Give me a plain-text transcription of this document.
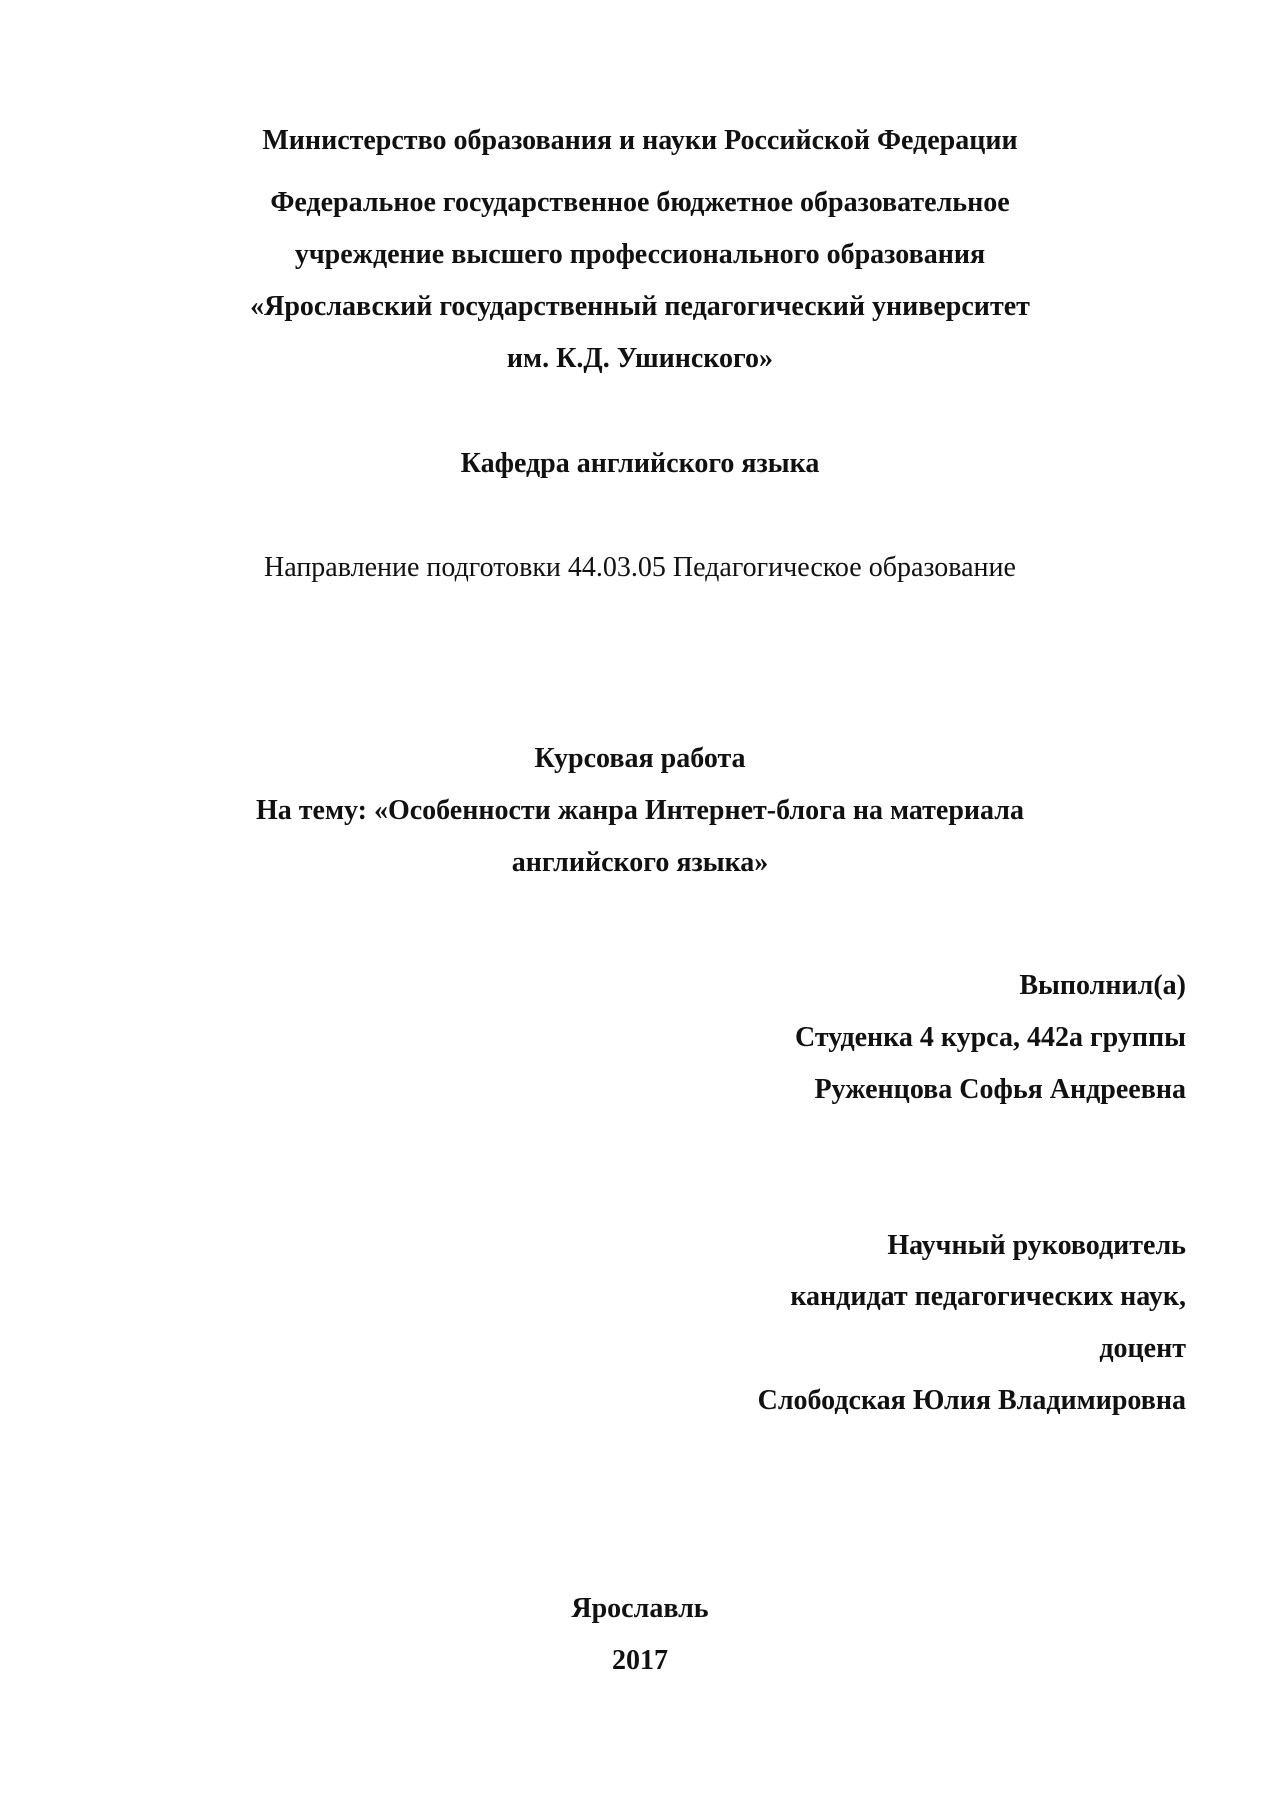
Министерство образования и науки Российской Федерации
Федеральное государственное бюджетное образовательное
учреждение высшего профессионального образования
«Ярославский государственный педагогический университет
им. К.Д. Ушинского»
Кафедра английского языка
Направление подготовки 44.03.05 Педагогическое образование
Курсовая работа
На тему: «Особенности жанра Интернет-блога на материала
английского языка»
Выполнил(а)
Студенка 4 курса, 442а группы
Руженцова Софья Андреевна
Научный руководитель
кандидат педагогических наук,
доцент
Слободская Юлия Владимировна
Ярославль
2017
